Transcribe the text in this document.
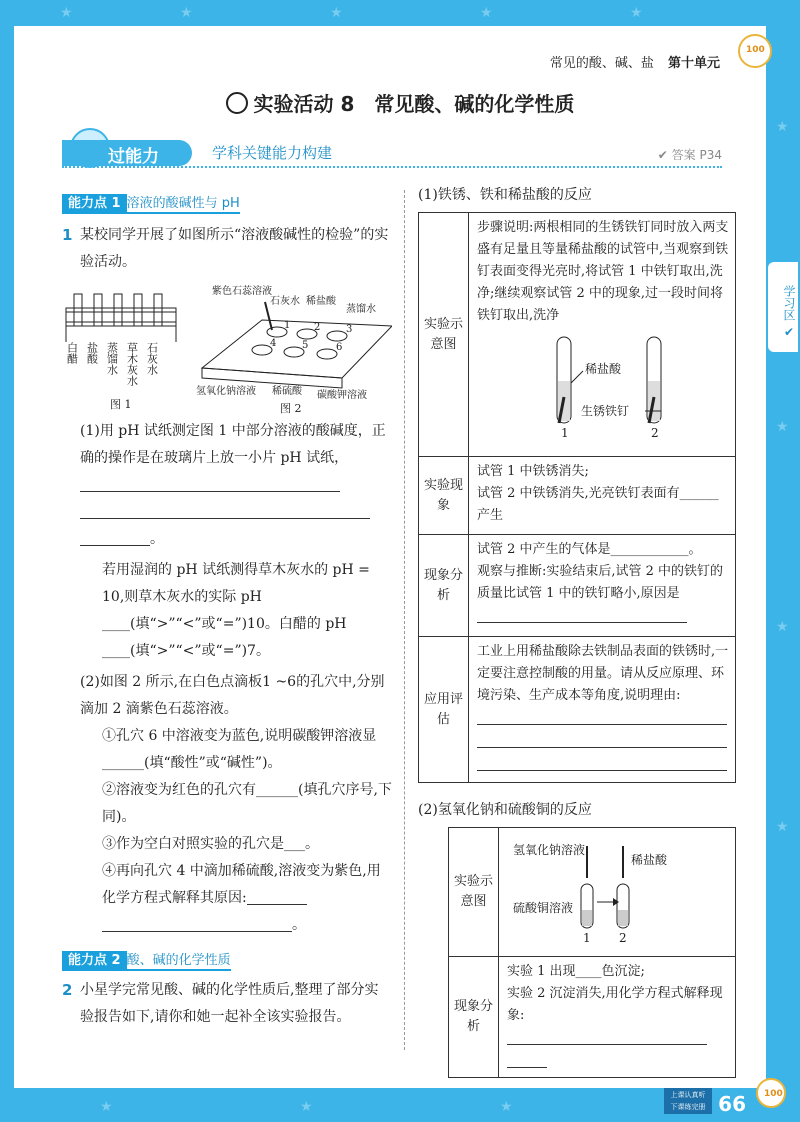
★	★	★	★	★
★
★
★
★
★	★	★
常见的酸、碱、盐 第十单元
100
实验活动 8　常见酸、碱的化学性质
过能力	学科关键能力构建	✔ 答案 P34
学习区 ✔
能力点 1 溶液的酸碱性与 pH
1 某校同学开展了如图所示“溶液酸碱性的检验”的实验活动。
白醋 盐酸 蒸馏水 草木灰水 石灰水
图 1
紫色石蕊溶液
石灰水 稀盐酸
蒸馏水
氢氧化钠溶液 稀硫酸 碳酸钾溶液
1 2	3
4	5	6
图 2
(1)用 pH 试纸测定图 1 中部分溶液的酸碱度，正确的操作是在玻璃片上放一小片 pH 试纸，

。
若用湿润的 pH 试纸测得草木灰水的 pH = 10,则草木灰水的实际 pH ____(填“>”“<”或“=”)10。白醋的 pH ____(填“>”“<”或“=”)7。
(2)如图 2 所示,在白色点滴板1 ~6的孔穴中,分别滴加 2 滴紫色石蕊溶液。
①孔穴 6 中溶液变为蓝色,说明碳酸钾溶液显______(填“酸性”或“碱性”)。
②溶液变为红色的孔穴有______(填孔穴序号,下同)。
③作为空白对照实验的孔穴是___。
④再向孔穴 4 中滴加稀硫酸,溶液变为紫色,用化学方程式解释其原因:
。
能力点 2 酸、碱的化学性质
2 小星学完常见酸、碱的化学性质后,整理了部分实验报告如下,请你和她一起补全该实验报告。
(1)铁锈、铁和稀盐酸的反应
实验示意图	步骤说明:两根相同的生锈铁钉同时放入两支盛有足量且等量稀盐酸的试管中,当观察到铁钉表面变得光亮时,将试管 1 中铁钉取出,洗净;继续观察试管 2 中的现象,过一段时间将铁钉取出,洗净
稀盐酸
生锈铁钉
1 2

实验现象	试管 1 中铁锈消失;
试管 2 中铁锈消失,光亮铁钉表面有______产生

现象分析	试管 2 中产生的气体是____________。
观察与推断:实验结束后,试管 2 中的铁钉的质量比试管 1 中的铁钉略小,原因是

应用评估	工业上用稀盐酸除去铁制品表面的铁锈时,一定要注意控制酸的用量。请从反应原理、环境污染、生产成本等角度,说明理由:
(2)氢氧化钠和硫酸铜的反应
实验示意图	氢氧化钠溶液
稀盐酸
硫酸铜溶液
1 2

现象分析	实验 1 出现____色沉淀;
实验 2 沉淀消失,用化学方程式解释现象:
上课认真听
下课练完册 66 100
